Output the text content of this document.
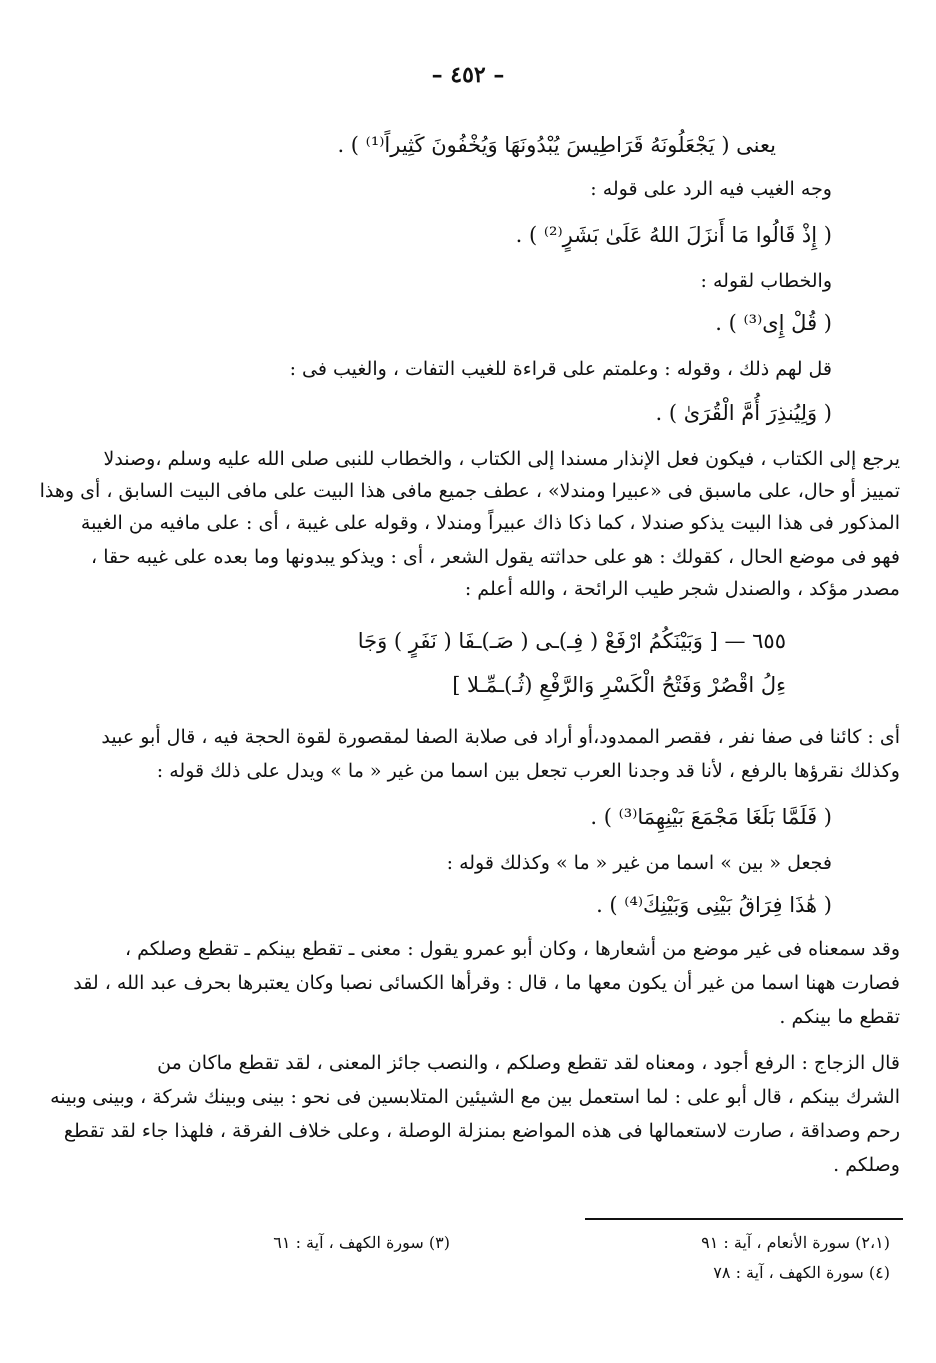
– ٤٥٢ –
يعنى ( يَجْعَلُونَهُ قَرَاطِيسَ يُبْدُونَهَا وَيُخْفُونَ كَثِيراً⁽¹⁾ ) .
وجه الغيب فيه الرد على قوله :
( إِذْ قَالُوا مَا أَنزَلَ اللهُ عَلَىٰ بَشَرٍ⁽²⁾ ) .
والخطاب لقوله :
( قُلْ إِى⁽³⁾ ) .
قل لهم ذلك ، وقوله : وعلمتم على قراءة للغيب التفات ، والغيب فى :
( وَلِيُنذِرَ أُمَّ الْقُرَىٰ ) .
يرجع إلى الكتاب ، فيكون فعل الإنذار مسندا إلى الكتاب ، والخطاب للنبى صلى الله عليه وسلم ،وصندلا
تمييز أو حال، على ماسبق فى «عبيرا ومندلا» ، عطف جميع مافى هذا البيت على مافى البيت السابق ، أى وهذا
المذكور فى هذا البيت يذكو صندلا ، كما ذكا ذاك عبيراً ومندلا ، وقوله على غيبة ، أى : على مافيه من الغيبة
فهو فى موضع الحال ، كقولك : هو على حداثته يقول الشعر ، أى : ويذكو يبدونها وما بعده على غيبه حقا ،
مصدر مؤكد ، والصندل شجر طيب الرائحة ، والله أعلم :
٦٥٥ — [ وَبَيْنَكُمُ ارْفَعْ ( فِـ)ـى ( صَـ)ـفَا ( نَفَرٍ ) وَجَا
ءِلُ اقْصُرْ وَفَتْحُ الْكَسْرِ وَالرَّفْعِ (ثُـ)ـمِّـلا ]
أى : كائنا فى صفا نفر ، فقصر الممدود،أو أراد فى صلابة الصفا لمقصورة لقوة الحجة فيه ، قال أبو عبيد
وكذلك نقرؤها بالرفع ، لأنا قد وجدنا العرب تجعل بين اسما من غير « ما » ويدل على ذلك قوله :
( فَلَمَّا بَلَغَا مَجْمَعَ بَيْنِهِمَا⁽³⁾ ) .
فجعل « بين » اسما من غير « ما » وكذلك قوله :
( هَٰذَا فِرَاقُ بَيْنِى وَبَيْنِكَ⁽⁴⁾ ) .
وقد سمعناه فى غير موضع من أشعارها ، وكان أبو عمرو يقول : معنى ـ تقطع بينكم ـ تقطع وصلكم ،
فصارت ههنا اسما من غير أن يكون معها ما ، قال : وقرأها الكسائى نصبا وكان يعتبرها بحرف عبد الله ، لقد
تقطع ما بينكم .
قال الزجاج : الرفع أجود ، ومعناه لقد تقطع وصلكم ، والنصب جائز المعنى ، لقد تقطع ماكان من
الشرك بينكم ، قال أبو على : لما استعمل بين مع الشيئين المتلابسين فى نحو : بينى وبينك شركة ، وبينى وبينه
رحم وصداقة ، صارت لاستعمالها فى هذه المواضع بمنزلة الوصلة ، وعلى خلاف الفرقة ، فلهذا جاء لقد تقطع
وصلكم .
(٢،١) سورة الأنعام ، آية : ٩١
(٤) سورة الكهف ، آية : ٧٨
(٣) سورة الكهف ، آية : ٦١
